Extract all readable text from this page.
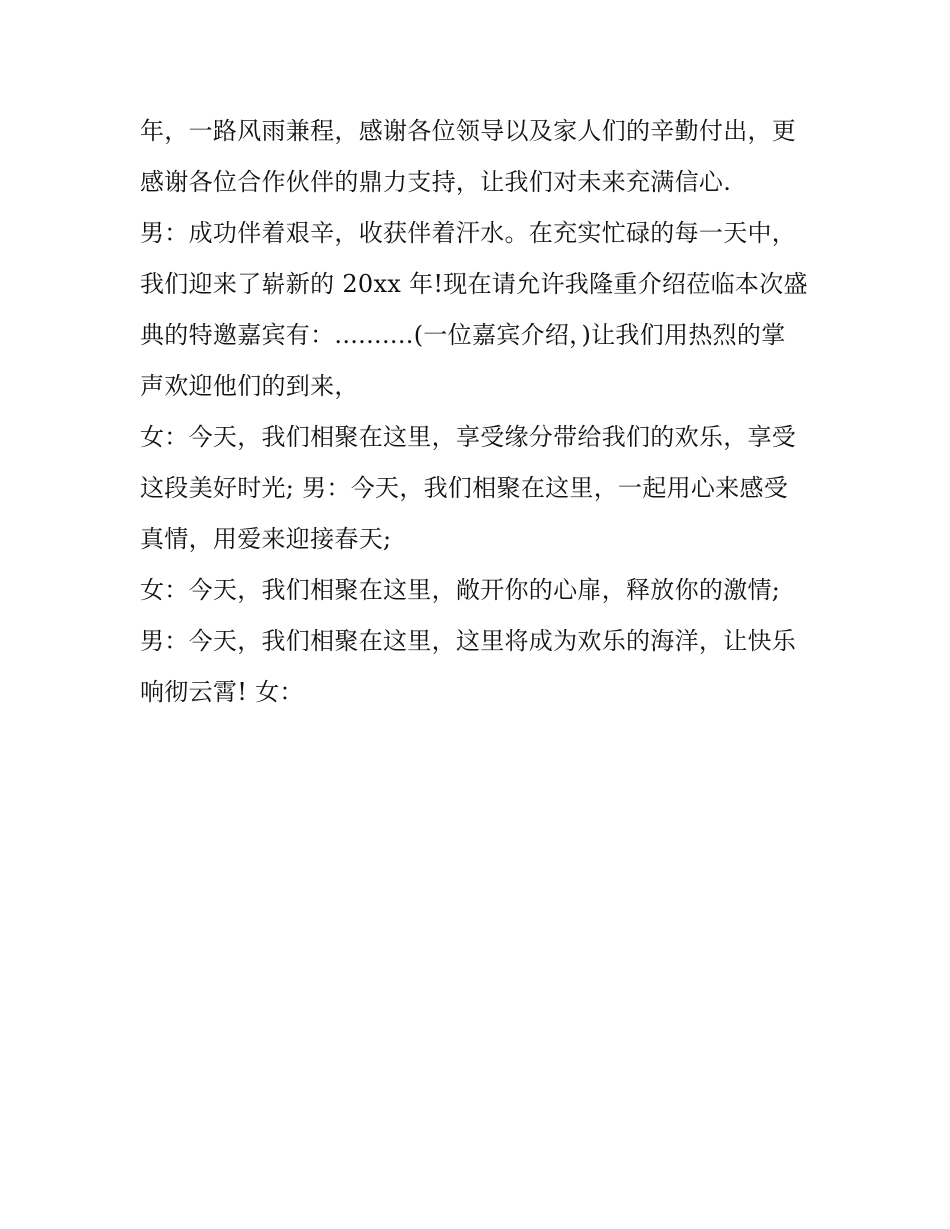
年，一路风雨兼程，感谢各位领导以及家人们的辛勤付出，更
感谢各位合作伙伴的鼎力支持，让我们对未来充满信心.
男：成功伴着艰辛，收获伴着汗水。在充实忙碌的每一天中，
我们迎来了崭新的 20xx 年!现在请允许我隆重介绍莅临本次盛
典的特邀嘉宾有：..........(一位嘉宾介绍，)让我们用热烈的掌
声欢迎他们的到来，
女：今天，我们相聚在这里，享受缘分带给我们的欢乐，享受
这段美好时光; 男：今天，我们相聚在这里，一起用心来感受
真情，用爱来迎接春天;
女：今天，我们相聚在这里，敞开你的心扉，释放你的激情;
男：今天，我们相聚在这里，这里将成为欢乐的海洋，让快乐
响彻云霄! 女：
